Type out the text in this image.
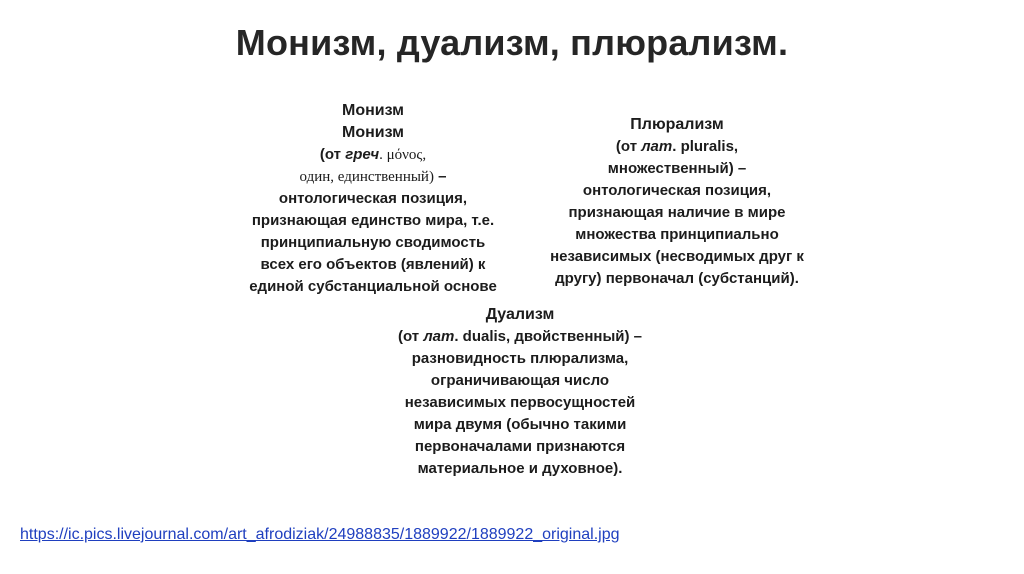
Монизм, дуализм, плюрализм.
Монизм
Монизм
(от греч. μόνος,
один, единственный) –
онтологическая позиция,
признающая единство мира, т.е.
принципиальную сводимость
всех его объектов (явлений) к
единой субстанциальной основе
Плюрализм
(от лат. pluralis,
множественный) –
онтологическая позиция,
признающая наличие в мире
множества принципиально
независимых (несводимых друг к
другу) первоначал (субстанций).
Дуализм
(от лат. dualis, двойственный) –
разновидность плюрализма,
ограничивающая число
независимых первосущностей
мира двумя (обычно такими
первоначалами признаются
материальное и духовное).
https://ic.pics.livejournal.com/art_afrodiziak/24988835/1889922/1889922_original.jpg
